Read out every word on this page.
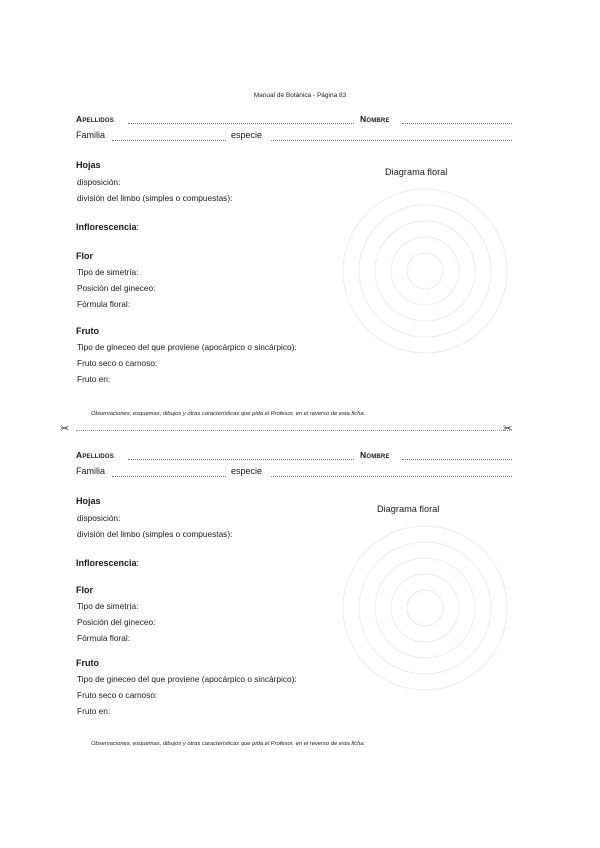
Manual de Botánica - Página 83
Apellidos	Nombre
Familia	especie
Hojas
disposición:
división del limbo (simples o compuestas):
Inflorescencia:
Flor
Tipo de simetría:
Posición del gineceo:
Fórmula floral:
Fruto
Tipo de gineceo del que proviene (apocárpico o sincárpico):
Fruto seco o carnoso:
Fruto en:
Diagrama floral
Observaciones, esquemas, dibujos y otras características que pida el Profesor, en el reverso de esta ficha.
✂	✂
Apellidos	Nombre
Familia	especie
Hojas
disposición:
división del limbo (simples o compuestas):
Inflorescencia:
Flor
Tipo de simetría:
Posición del gineceo:
Fórmula floral:
Fruto
Tipo de gineceo del que proviene (apocárpico o sincárpico):
Fruto seco o carnoso:
Fruto en:
Diagrama floral
Observaciones, esquemas, dibujos y otras características que pida el Profesor, en el reverso de esta ficha.
